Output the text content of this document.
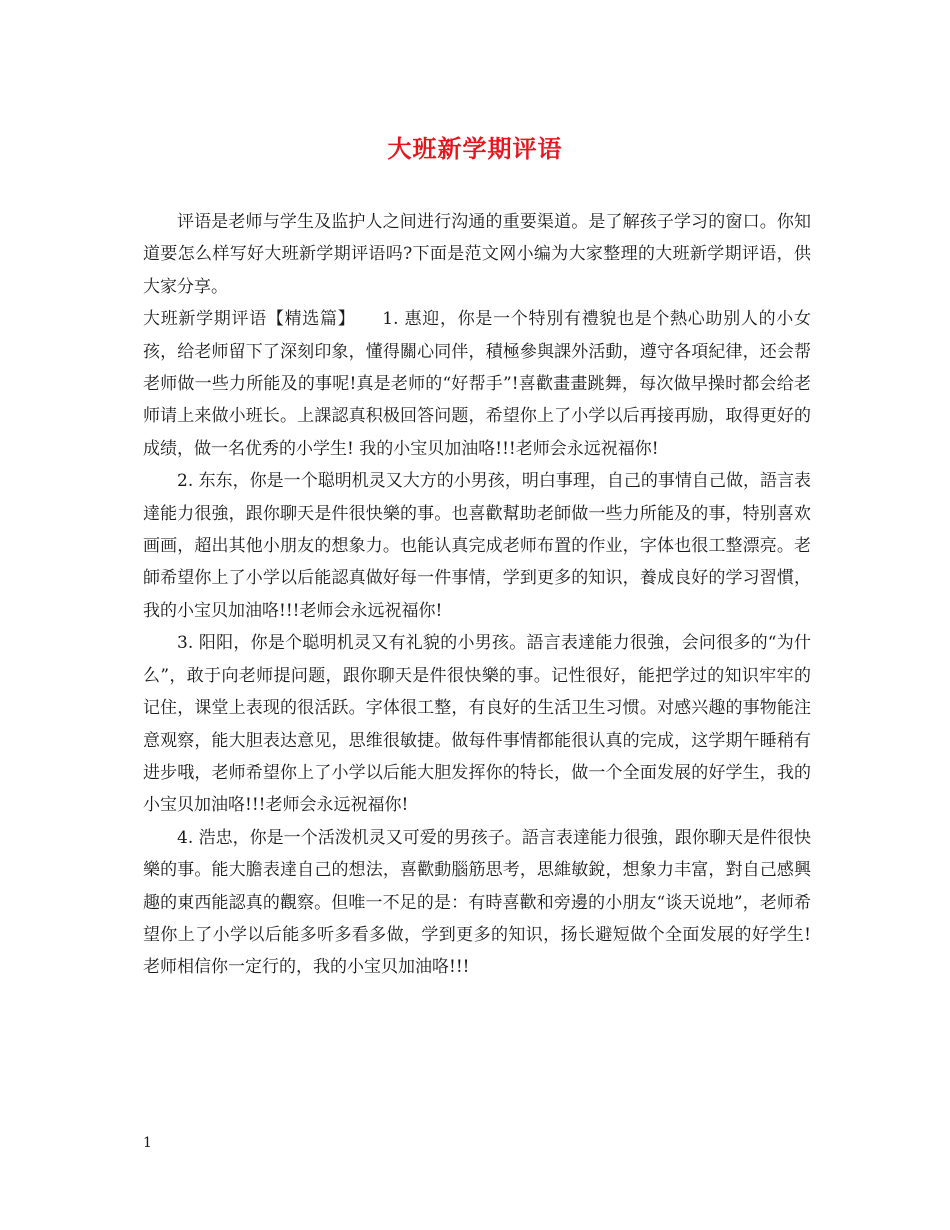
大班新学期评语

评语是老师与学生及监护人之间进行沟通的重要渠道。是了解孩子学习的窗口。你知道要怎么样写好大班新学期评语吗?下面是范文网小编为大家整理的大班新学期评语，供大家分享。

大班新学期评语【精选篇】　　1. 惠迎，你是一个特別有禮貌也是个熱心助别人的小女孩，给老师留下了深刻印象，懂得關心同伴，積極參與課外活動，遵守各項紀律，还会帮老师做一些力所能及的事呢!真是老师的“好帮手”!喜歡畫畫跳舞，每次做早操时都会给老师请上来做小班长。上課認真积极回答问题，希望你上了小学以后再接再励，取得更好的成绩，做一名优秀的小学生! 我的小宝贝加油咯!!!老师会永远祝福你!

2. 东东，你是一个聪明机灵又大方的小男孩，明白事理，自己的事情自己做，語言表達能力很強，跟你聊天是件很快樂的事。也喜歡幫助老師做一些力所能及的事，特别喜欢画画，超出其他小朋友的想象力。也能认真完成老师布置的作业，字体也很工整漂亮。老師希望你上了小学以后能認真做好每一件事情，学到更多的知识，養成良好的学习習慣，我的小宝贝加油咯!!!老师会永远祝福你!

3. 阳阳，你是个聪明机灵又有礼貌的小男孩。語言表達能力很強，会问很多的“为什么”，敢于向老师提问题，跟你聊天是件很快樂的事。记性很好，能把学过的知识牢牢的记住，课堂上表现的很活跃。字体很工整，有良好的生活卫生习惯。对感兴趣的事物能注意观察，能大胆表达意见，思维很敏捷。做每件事情都能很认真的完成，这学期午睡稍有进步哦，老师希望你上了小学以后能大胆发挥你的特长，做一个全面发展的好学生，我的小宝贝加油咯!!!老师会永远祝福你!

4. 浩忠，你是一个活泼机灵又可爱的男孩子。語言表達能力很強，跟你聊天是件很快樂的事。能大膽表達自己的想法，喜歡動腦筋思考，思維敏銳，想象力丰富，對自己感興趣的東西能認真的觀察。但唯一不足的是：有時喜歡和旁邊的小朋友“谈天说地”，老师希望你上了小学以后能多听多看多做，学到更多的知识，扬长避短做个全面发展的好学生!老师相信你一定行的，我的小宝贝加油咯!!!

1
